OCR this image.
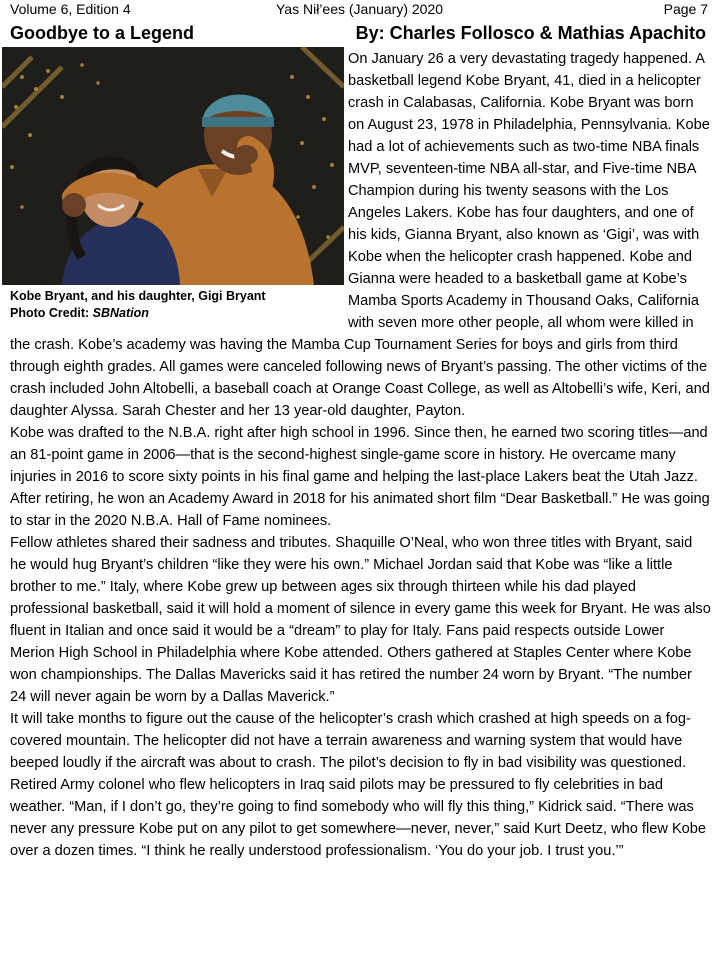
Volume 6, Edition 4	Yas Nił’ees (January) 2020	Page 7
Goodbye to a Legend	By: Charles Follosco & Mathias Apachito
Kobe Bryant, and his daughter, Gigi Bryant
Photo Credit: SBNation

On January 26 a very devastating tragedy happened. A basketball legend Kobe Bryant, 41, died in a helicopter crash in Calabasas, California. Kobe Bryant was born on August 23, 1978 in Philadelphia, Pennsylvania. Kobe had a lot of achievements such as two-time NBA finals MVP, seventeen-time NBA all-star, and Five-time NBA Champion during his twenty seasons with the Los Angeles Lakers. Kobe has four daughters, and one of his kids, Gianna Bryant, also known as ‘Gigi’, was with Kobe when the helicopter crash happened. Kobe and Gianna were headed to a basketball game at Kobe’s Mamba Sports Academy in Thousand Oaks, California with seven more other people, all whom were killed in the crash. Kobe’s academy was having the Mamba Cup Tournament Series for boys and girls from third through eighth grades. All games were canceled following news of Bryant’s passing. The other victims of the crash included John Altobelli, a baseball coach at Orange Coast College, as well as Altobelli’s wife, Keri, and daughter Alyssa. Sarah Chester and her 13 year-old daughter, Payton.

Kobe was drafted to the N.B.A. right after high school in 1996. Since then, he earned two scoring titles—and an 81-point game in 2006—that is the second-highest single-game score in history. He overcame many injuries in 2016 to score sixty points in his final game and helping the last-place Lakers beat the Utah Jazz. After retiring, he won an Academy Award in 2018 for his animated short film “Dear Basketball.” He was going to star in the 2020 N.B.A. Hall of Fame nominees.

Fellow athletes shared their sadness and tributes. Shaquille O’Neal, who won three titles with Bryant, said he would hug Bryant’s children “like they were his own.” Michael Jordan said that Kobe was “like a little brother to me.” Italy, where Kobe grew up between ages six through thirteen while his dad played professional basketball, said it will hold a moment of silence in every game this week for Bryant. He was also fluent in Italian and once said it would be a “dream” to play for Italy. Fans paid respects outside Lower Merion High School in Philadelphia where Kobe attended. Others gathered at Staples Center where Kobe won championships. The Dallas Mavericks said it has retired the number 24 worn by Bryant. “The number 24 will never again be worn by a Dallas Maverick.”

It will take months to figure out the cause of the helicopter’s crash which crashed at high speeds on a fog-covered mountain. The helicopter did not have a terrain awareness and warning system that would have beeped loudly if the aircraft was about to crash. The pilot’s decision to fly in bad visibility was questioned. Retired Army colonel who flew helicopters in Iraq said pilots may be pressured to fly celebrities in bad weather. “Man, if I don’t go, they’re going to find somebody who will fly this thing,” Kidrick said. “There was never any pressure Kobe put on any pilot to get somewhere—never, never,” said Kurt Deetz, who flew Kobe over a dozen times. “I think he really understood professionalism. ‘You do your job. I trust you.’”
